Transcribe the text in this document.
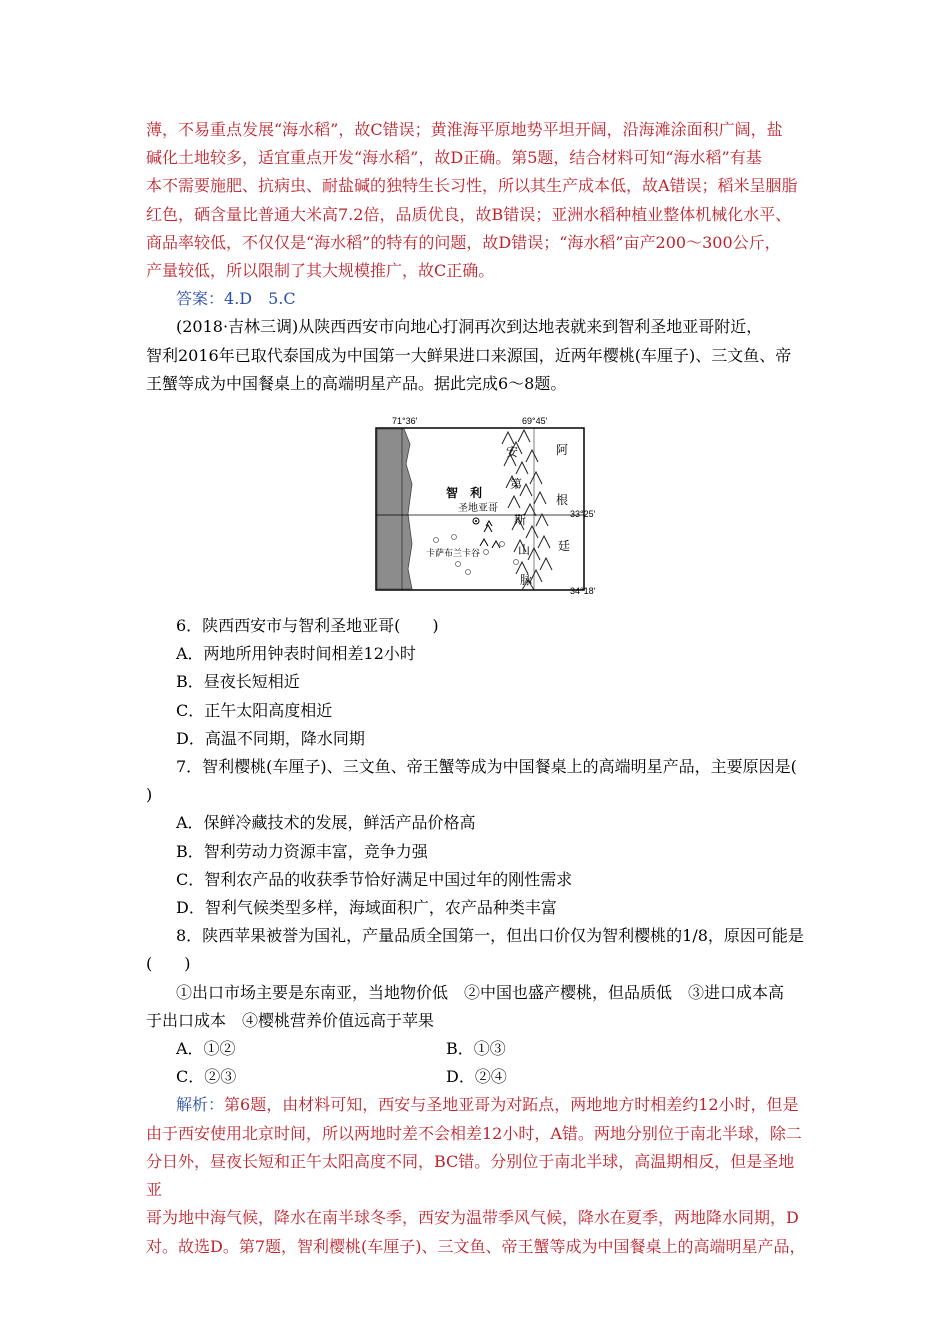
薄，不易重点发展“海水稻”，故C错误；黄淮海平原地势平坦开阔，沿海滩涂面积广阔，盐

碱化土地较多，适宜重点开发“海水稻”，故D正确。第5题，结合材料可知“海水稻”有基

本不需要施肥、抗病虫、耐盐碱的独特生长习性，所以其生产成本低，故A错误；稻米呈胭脂

红色，硒含量比普通大米高7.2倍，品质优良，故B错误；亚洲水稻种植业整体机械化水平、

商品率较低，不仅仅是“海水稻”的特有的问题，故D错误；“海水稻”亩产200～300公斤，

产量较低，所以限制了其大规模推广，故C正确。

答案：4.D　5.C

(2018·吉林三调)从陕西西安市向地心打洞再次到达地表就来到智利圣地亚哥附近，

智利2016年已取代泰国成为中国第一大鲜果进口来源国，近两年樱桃(车厘子)、三文鱼、帝

王蟹等成为中国餐桌上的高端明星产品。据此完成6～8题。

71°36′	69°45′
33°25′
34°18′
智　利
圣地亚哥
卡萨布兰卡谷
安
第
斯
山
脉
阿
根
廷

6．陕西西安市与智利圣地亚哥(　　)

A．两地所用钟表时间相差12小时

B．昼夜长短相近

C．正午太阳高度相近

D．高温不同期，降水同期

7．智利樱桃(车厘子)、三文鱼、帝王蟹等成为中国餐桌上的高端明星产品，主要原因是(

)

A．保鲜冷藏技术的发展，鲜活产品价格高

B．智利劳动力资源丰富，竞争力强

C．智利农产品的收获季节恰好满足中国过年的刚性需求

D．智利气候类型多样，海域面积广，农产品种类丰富

8．陕西苹果被誉为国礼，产量品质全国第一，但出口价仅为智利樱桃的1/8，原因可能是

(　　)

①出口市场主要是东南亚，当地物价低　②中国也盛产樱桃，但品质低　③进口成本高

于出口成本　④樱桃营养价值远高于苹果

A．①②	B．①③
C．②③	D．②④

解析：第6题，由材料可知，西安与圣地亚哥为对跖点，两地地方时相差约12小时，但是

由于西安使用北京时间，所以两地时差不会相差12小时，A错。两地分别位于南北半球，除二

分日外，昼夜长短和正午太阳高度不同，BC错。分别位于南北半球，高温期相反，但是圣地亚

哥为地中海气候，降水在南半球冬季，西安为温带季风气候，降水在夏季，两地降水同期，D

对。故选D。第7题，智利樱桃(车厘子)、三文鱼、帝王蟹等成为中国餐桌上的高端明星产品，
